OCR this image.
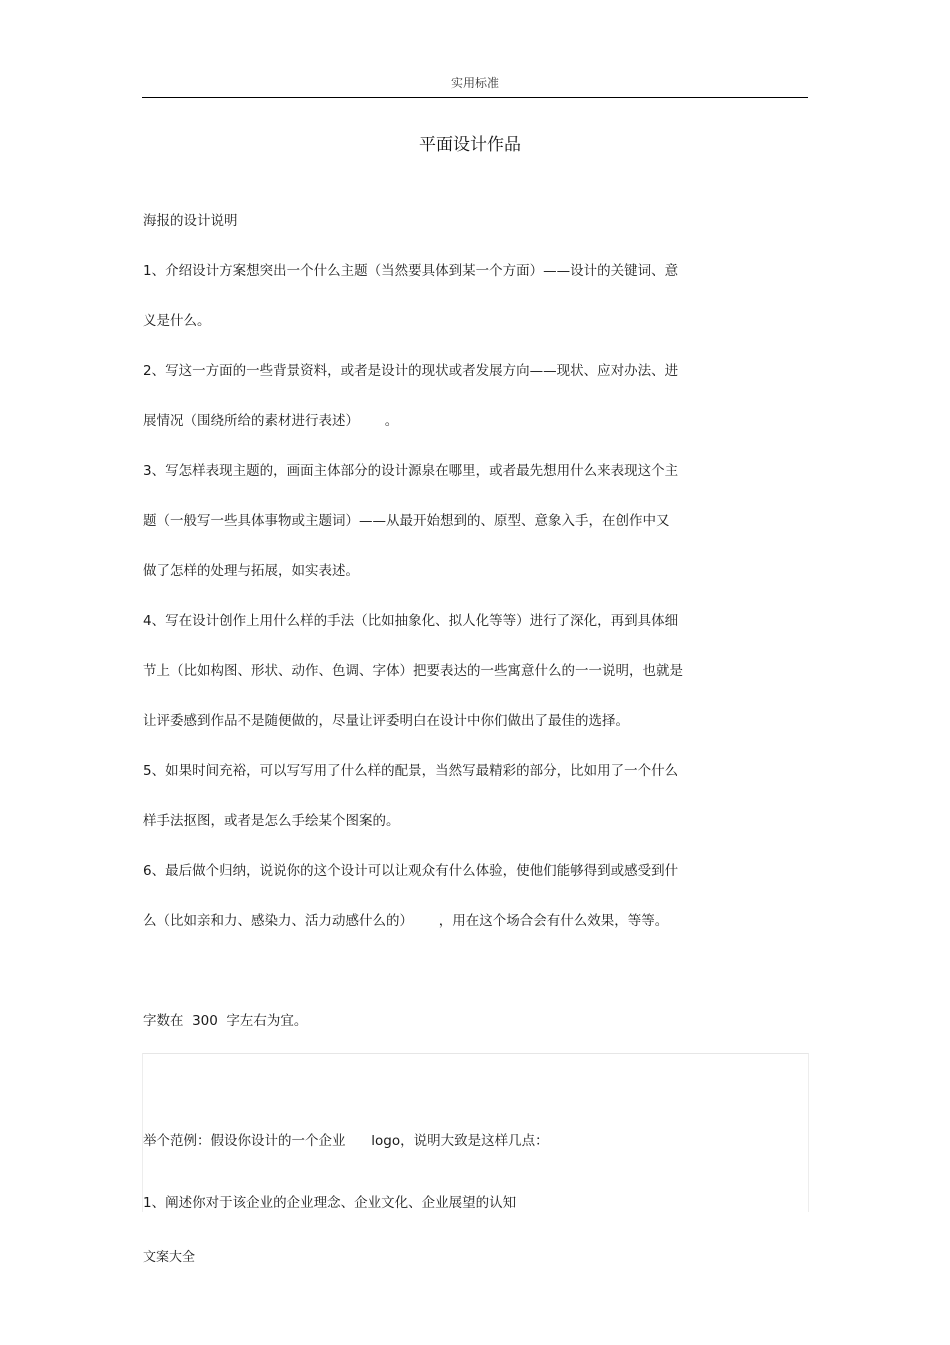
实用标准
平面设计作品
海报的设计说明
1、介绍设计方案想突出一个什么主题（当然要具体到某一个方面）——设计的关键词、意
义是什么。
2、写这一方面的一些背景资料，或者是设计的现状或者发展方向——现状、应对办法、进
展情况（围绕所给的素材进行表述）      。
3、写怎样表现主题的，画面主体部分的设计源泉在哪里，或者最先想用什么来表现这个主
题（一般写一些具体事物或主题词）——从最开始想到的、原型、意象入手，在创作中又
做了怎样的处理与拓展，如实表述。
4、写在设计创作上用什么样的手法（比如抽象化、拟人化等等）进行了深化，再到具体细
节上（比如构图、形状、动作、色调、字体）把要表达的一些寓意什么的一一说明，也就是
让评委感到作品不是随便做的，尽量让评委明白在设计中你们做出了最佳的选择。
5、如果时间充裕，可以写写用了什么样的配景，当然写最精彩的部分，比如用了一个什么
样手法抠图，或者是怎么手绘某个图案的。
6、最后做个归纳，说说你的这个设计可以让观众有什么体验，使他们能够得到或感受到什
么（比如亲和力、感染力、活力动感什么的）      ，用在这个场合会有什么效果，等等。
字数在  300  字左右为宜。
举个范例：假设你设计的一个企业      logo，说明大致是这样几点：
1、阐述你对于该企业的企业理念、企业文化、企业展望的认知
文案大全
